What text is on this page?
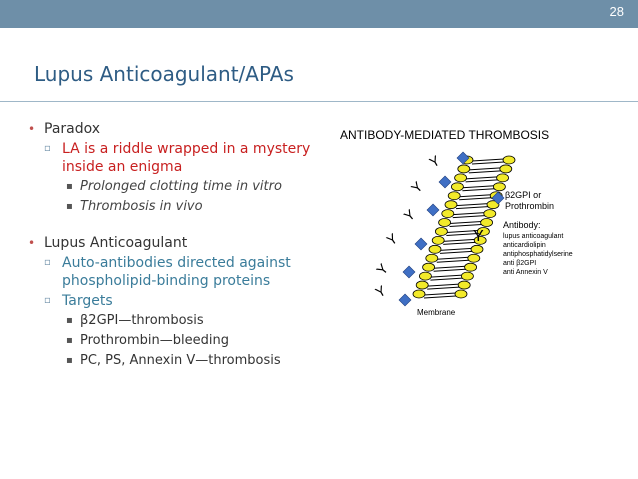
28
Lupus Anticoagulant/APAs
• Paradox
▫ LA is a riddle wrapped in a mystery inside an enigma
▪ Prolonged clotting time in vitro
▪ Thrombosis in vivo
• Lupus Anticoagulant
▫ Auto-antibodies directed against phospholipid-binding proteins
▫ Targets
▪ β2GPI—thrombosis
▪ Prothrombin—bleeding
▪ PC, PS, Annexin V—thrombosis
ANTIBODY-MEDIATED THROMBOSIS
Y
Y
Y
Y
Y
Y
β2GPI or
Prothrombin
Y
Antibody:
lupus anticoagulant
anticardiolipin
antiphosphatidylserine
anti β2GPI
anti Annexin V
Membrane
